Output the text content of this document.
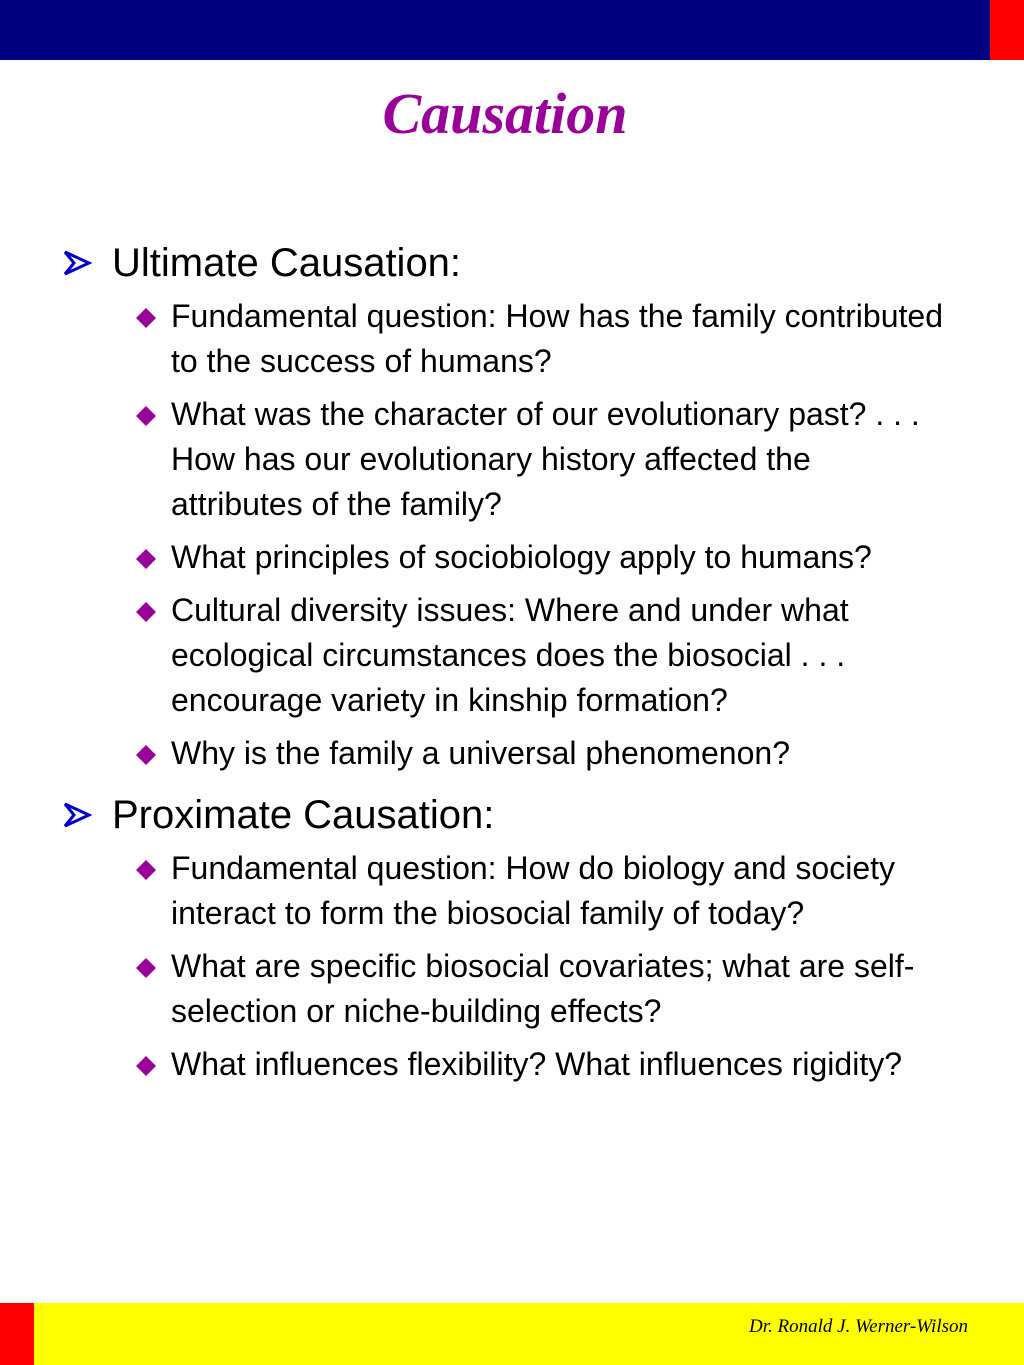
Causation
Ultimate Causation:
Fundamental question: How has the family contributed to the success of humans?
What was the character of our evolutionary past? . . . How has our evolutionary history affected the attributes of the family?
What principles of sociobiology apply to humans?
Cultural diversity issues: Where and under what ecological circumstances does the biosocial . . . encourage variety in kinship formation?
Why is the family a universal phenomenon?
Proximate Causation:
Fundamental question: How do biology and society interact to form the biosocial family of today?
What are specific biosocial covariates; what are self-selection or niche-building effects?
What influences flexibility? What influences rigidity?
Dr. Ronald J. Werner-Wilson
